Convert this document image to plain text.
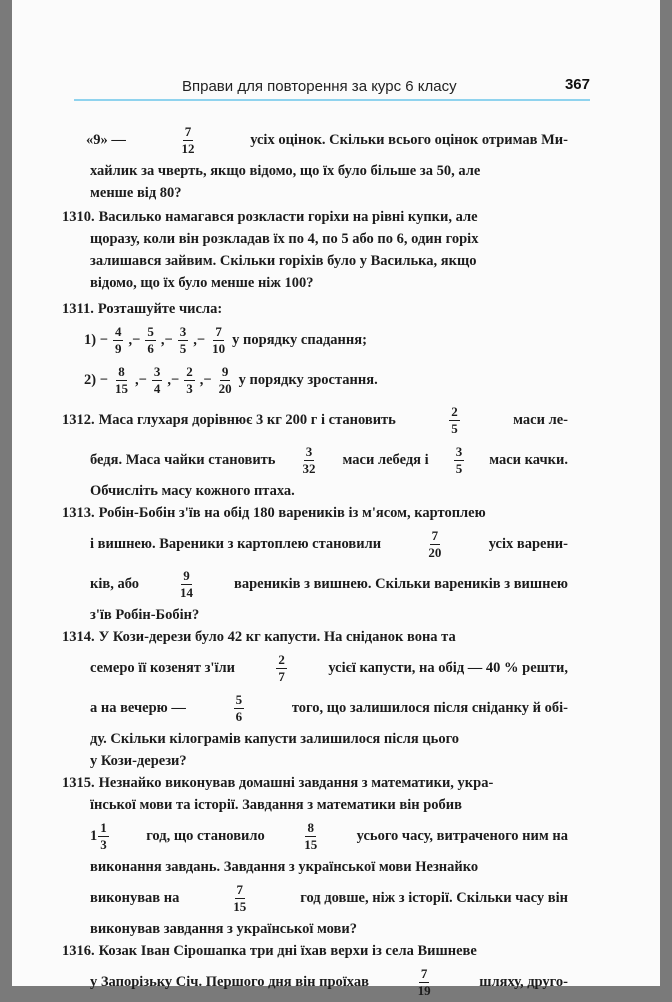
Вправи для повторення за курс 6 класу	367
«9» —	$\frac{7}{12}$	усіх оцінок. Скільки всього оцінок отримав Ми-
хайлик за чверть, якщо відомо, що їх було більше за 50, але
менше від 80?
1310. Василько намагався розкласти горіхи на рівні купки, але
щоразу, коли він розкладав їх по 4, по 5 або по 6, один горіх
залишався зайвим. Скільки горіхів було у Василька, якщо
відомо, що їх було менше ніж 100?
1311. Розташуйте числа:
1)
− $\frac{4}{9}$ , − $\frac{5}{6}$ , − $\frac{3}{5}$ , − $\frac{7}{10}$ у порядку спадання;
2)
− $\frac{8}{15}$ , − $\frac{3}{4}$ , − $\frac{2}{3}$ , − $\frac{9}{20}$ у порядку зростання.
1312. Маса глухаря дорівнює 3 кг 200 г і становить	$\frac{2}{5}$	маси ле-
бедя. Маса чайки становить $\frac{3}{32}$ маси лебедя і $\frac{3}{5}$ маси качки.
Обчисліть масу кожного птаха.
1313. Робін-Бобін з'їв на обід 180 вареників із м'ясом, картоплею
і вишнею. Вареники з картоплею становили	$\frac{7}{20}$	усіх варени-
ків, або	$\frac{9}{14}$	вареників з вишнею. Скільки вареників з вишнею
з'їв Робін-Бобін?
1314. У Кози-дерези було 42 кг капусти. На сніданок вона та
семеро її козенят з'їли	$\frac{2}{7}$	усієї капусти, на обід — 40 % решти,
а на вечерю —	$\frac{5}{6}$	того, що залишилося після сніданку й обі-
ду. Скільки кілограмів капусти залишилося після цього
у Кози-дерези?
1315. Незнайко виконував домашні завдання з математики, укра-
їнської мови та історії. Завдання з математики він робив
$1 \frac{1}{3}$	год, що становило	$\frac{8}{15}$	усього часу, витраченого ним на
виконання завдань. Завдання з української мови Незнайко
виконував на	$\frac{7}{15}$	год довше, ніж з історії. Скільки часу він
виконував завдання з української мови?
1316. Козак Іван Сірошапка три дні їхав верхи із села Вишневе
у Запорізьку Січ. Першого дня він проїхав	$\frac{7}{19}$	шляху, друго-
